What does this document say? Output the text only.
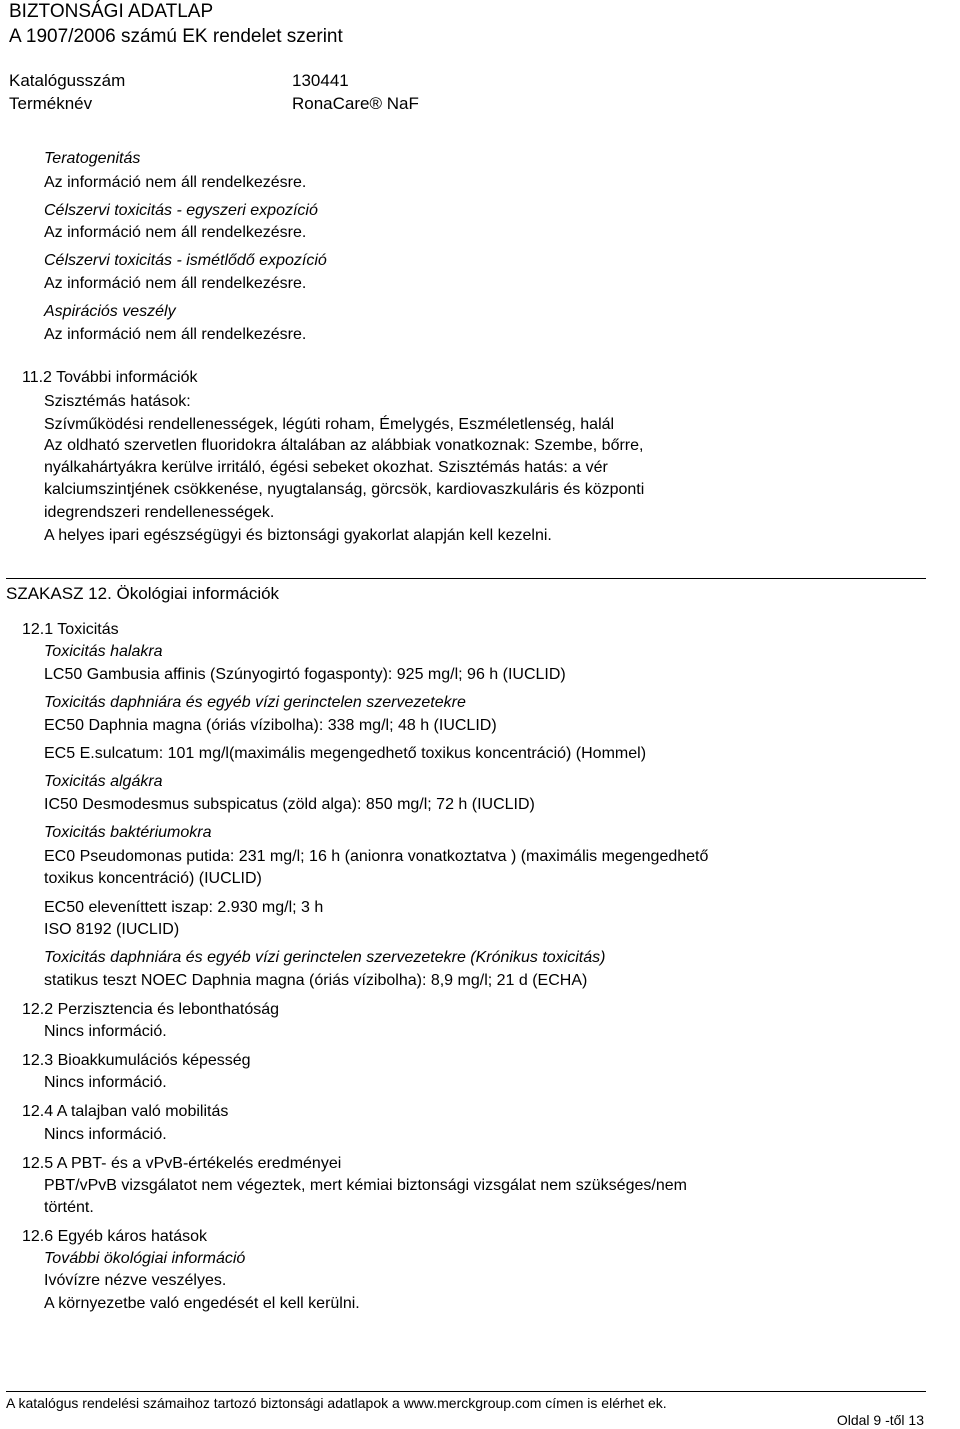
BIZTONSÁGI ADATLAP
A 1907/2006 számú EK rendelet szerint
Katalógusszám	130441
Terméknév	RonaCare® NaF
Teratogenitás
Az információ nem áll rendelkezésre.
Célszervi toxicitás - egyszeri expozíció
Az információ nem áll rendelkezésre.
Célszervi toxicitás - ismétlődő expozíció
Az információ nem áll rendelkezésre.
Aspirációs veszély
Az információ nem áll rendelkezésre.
11.2 További információk
Szisztémás hatások:
Szívműködési rendellenességek, légúti roham, Émelygés, Eszméletlenség, halál
Az oldható szervetlen fluoridokra általában az alábbiak vonatkoznak: Szembe, bőrre,
nyálkahártyákra kerülve irritáló, égési sebeket okozhat. Szisztémás hatás: a vér
kalciumszintjének csökkenése, nyugtalanság, görcsök, kardiovaszkuláris és központi
idegrendszeri rendellenességek.
A helyes ipari egészségügyi és biztonsági gyakorlat alapján kell kezelni.
SZAKASZ 12. Ökológiai információk
12.1 Toxicitás
Toxicitás halakra
LC50 Gambusia affinis (Szúnyogirtó fogasponty): 925 mg/l; 96 h (IUCLID)
Toxicitás daphniára és egyéb vízi gerinctelen szervezetekre
EC50 Daphnia magna (óriás vízibolha): 338 mg/l; 48 h (IUCLID)
EC5 E.sulcatum: 101 mg/l(maximális megengedhető toxikus koncentráció) (Hommel)
Toxicitás algákra
IC50 Desmodesmus subspicatus (zöld alga): 850 mg/l; 72 h (IUCLID)
Toxicitás baktériumokra
EC0 Pseudomonas putida: 231 mg/l; 16 h (anionra vonatkoztatva ) (maximális megengedhető
toxikus koncentráció) (IUCLID)
EC50 eleveníttett iszap: 2.930 mg/l; 3 h
ISO 8192 (IUCLID)
Toxicitás daphniára és egyéb vízi gerinctelen szervezetekre (Krónikus toxicitás)
statikus teszt NOEC Daphnia magna (óriás vízibolha): 8,9 mg/l; 21 d (ECHA)
12.2 Perzisztencia és lebonthatóság
Nincs információ.
12.3 Bioakkumulációs képesség
Nincs információ.
12.4 A talajban való mobilitás
Nincs információ.
12.5 A PBT- és a vPvB-értékelés eredményei
PBT/vPvB vizsgálatot nem végeztek, mert kémiai biztonsági vizsgálat nem szükséges/nem
történt.
12.6 Egyéb káros hatások
További ökológiai információ
Ivóvízre nézve veszélyes.
A környezetbe való engedését el kell kerülni.
A katalógus rendelési számaihoz tartozó biztonsági adatlapok a www.merckgroup.com címen is elérhet ek.
Oldal 9 -től 13
